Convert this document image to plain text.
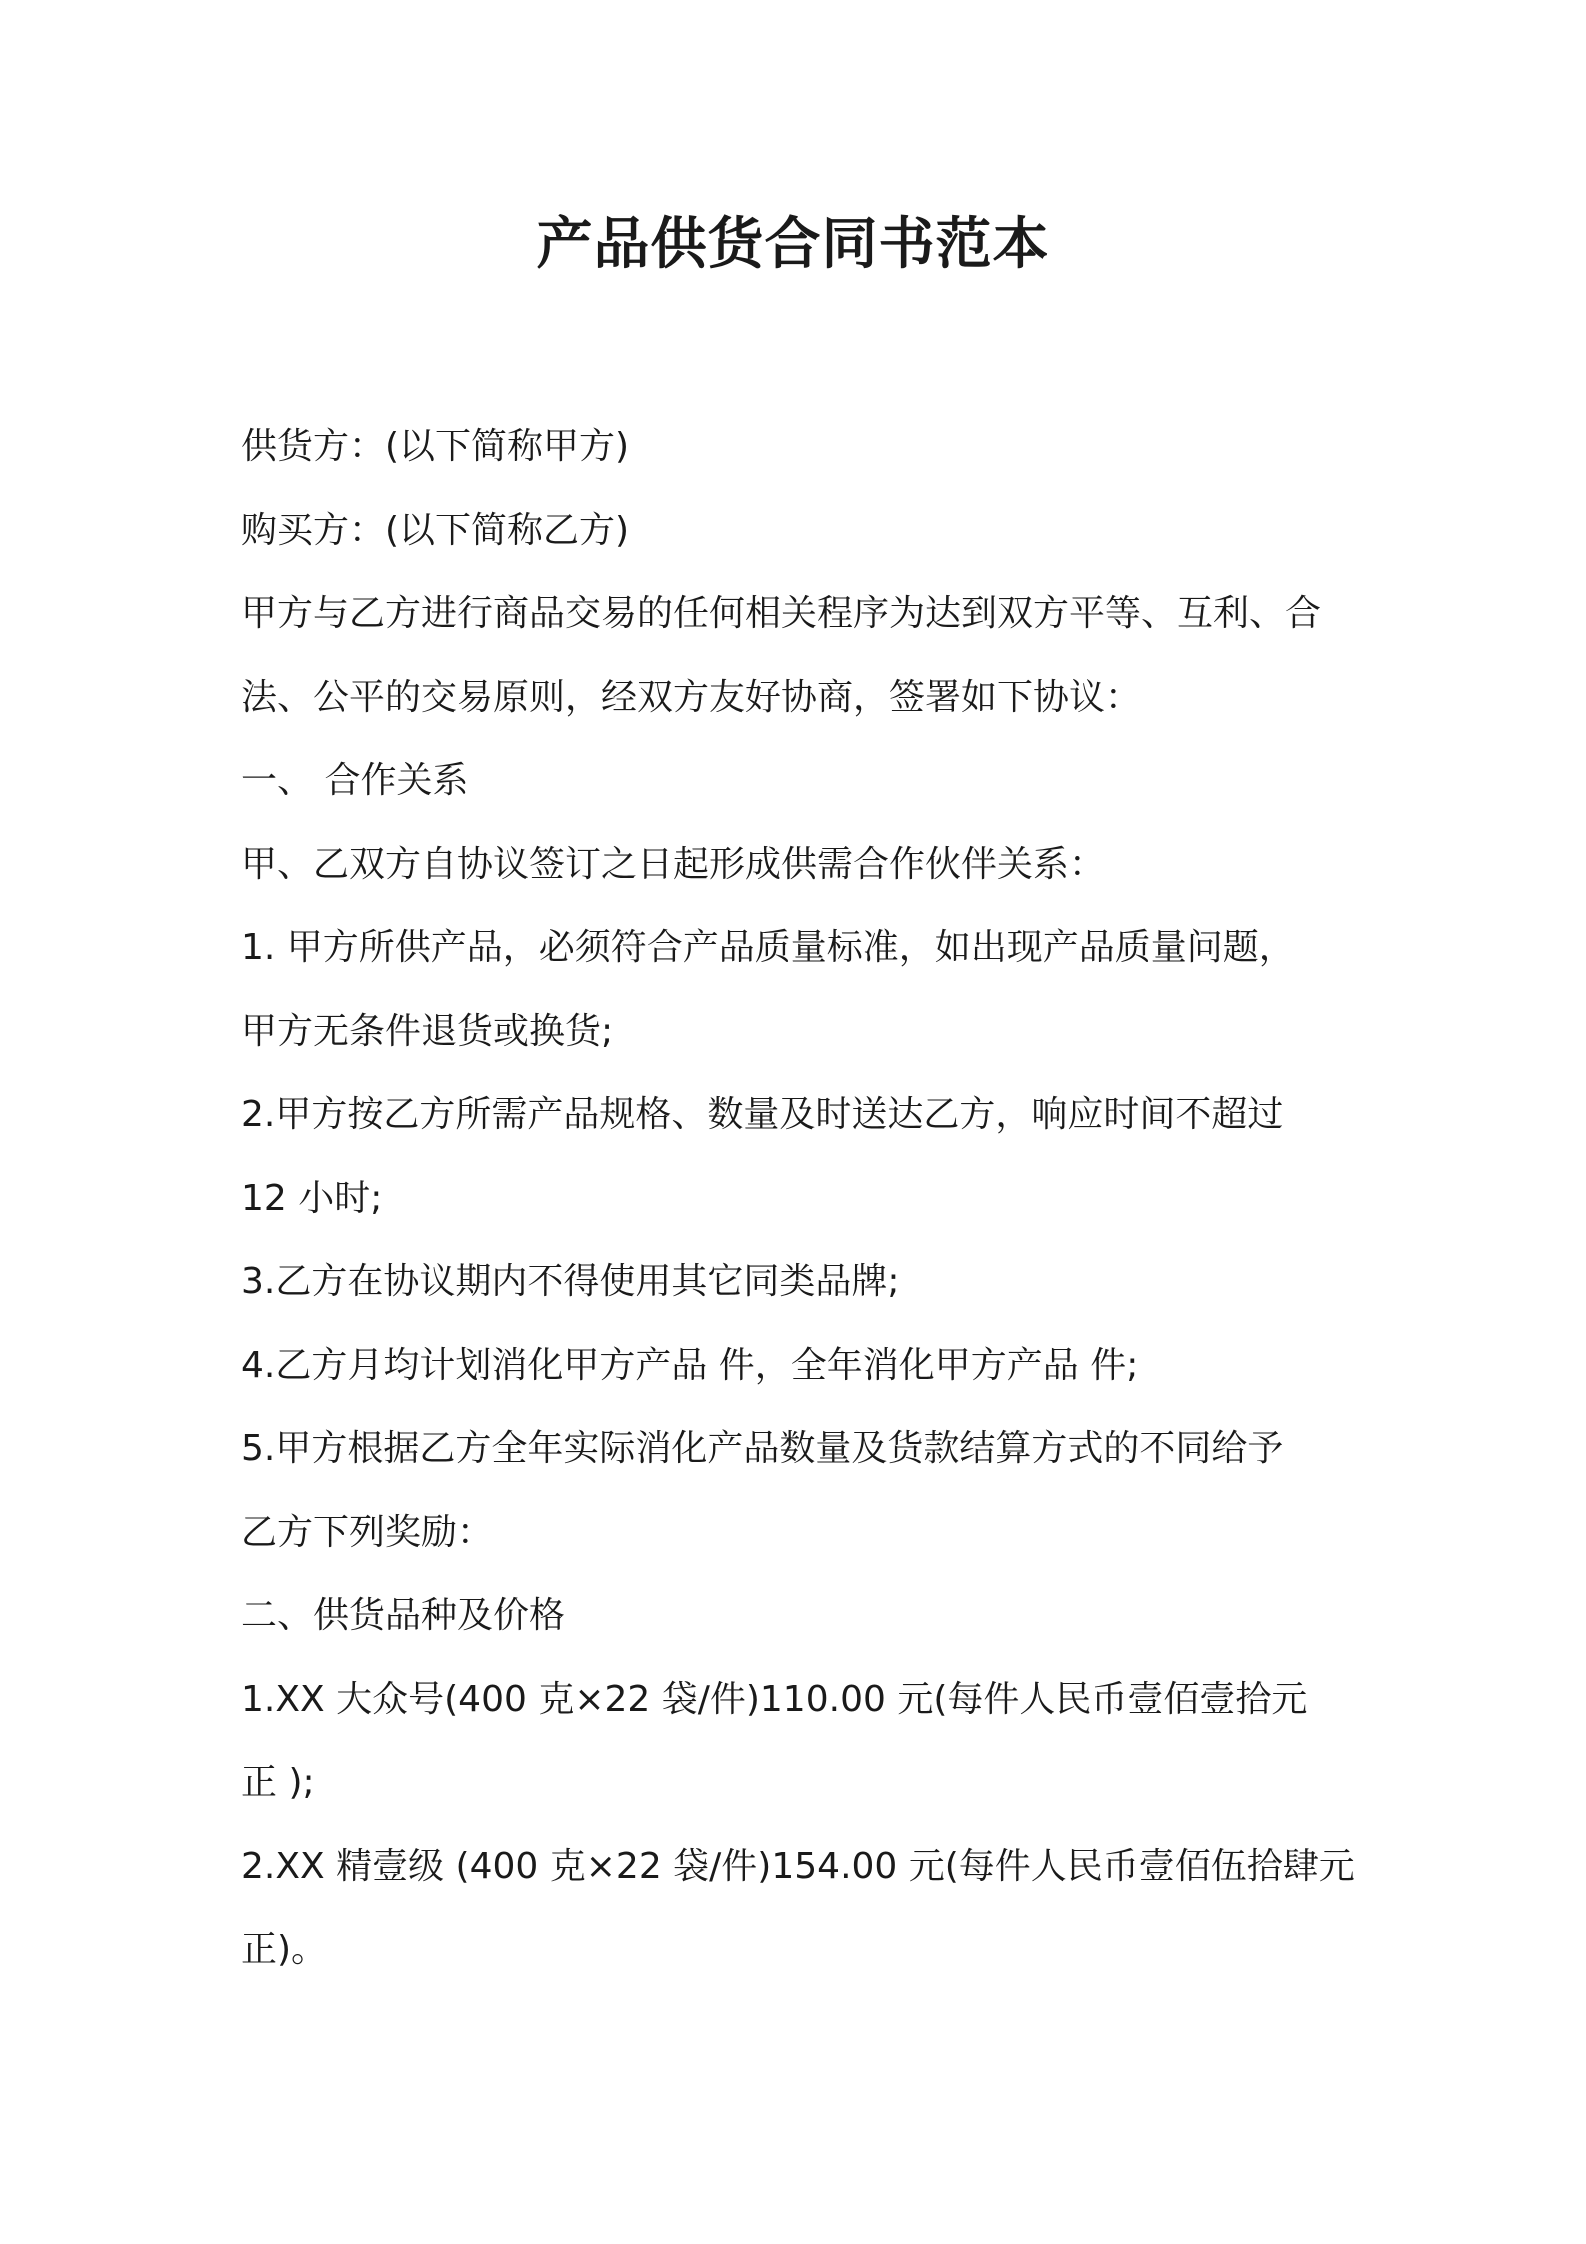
产品供货合同书范本
供货方：(以下简称甲方)
购买方：(以下简称乙方)
甲方与乙方进行商品交易的任何相关程序为达到双方平等、互利、合
法、公平的交易原则，经双方友好协商，签署如下协议：
一、 合作关系
甲、乙双方自协议签订之日起形成供需合作伙伴关系：
1. 甲方所供产品，必须符合产品质量标准，如出现产品质量问题，
甲方无条件退货或换货;
2.甲方按乙方所需产品规格、数量及时送达乙方，响应时间不超过
12 小时;
3.乙方在协议期内不得使用其它同类品牌;
4.乙方月均计划消化甲方产品 件，全年消化甲方产品 件;
5.甲方根据乙方全年实际消化产品数量及货款结算方式的不同给予
乙方下列奖励：
二、供货品种及价格
1.XX 大众号(400 克×22 袋/件)110.00 元(每件人民币壹佰壹拾元
正 );
2.XX 精壹级 (400 克×22 袋/件)154.00 元(每件人民币壹佰伍拾肆元
正)。
